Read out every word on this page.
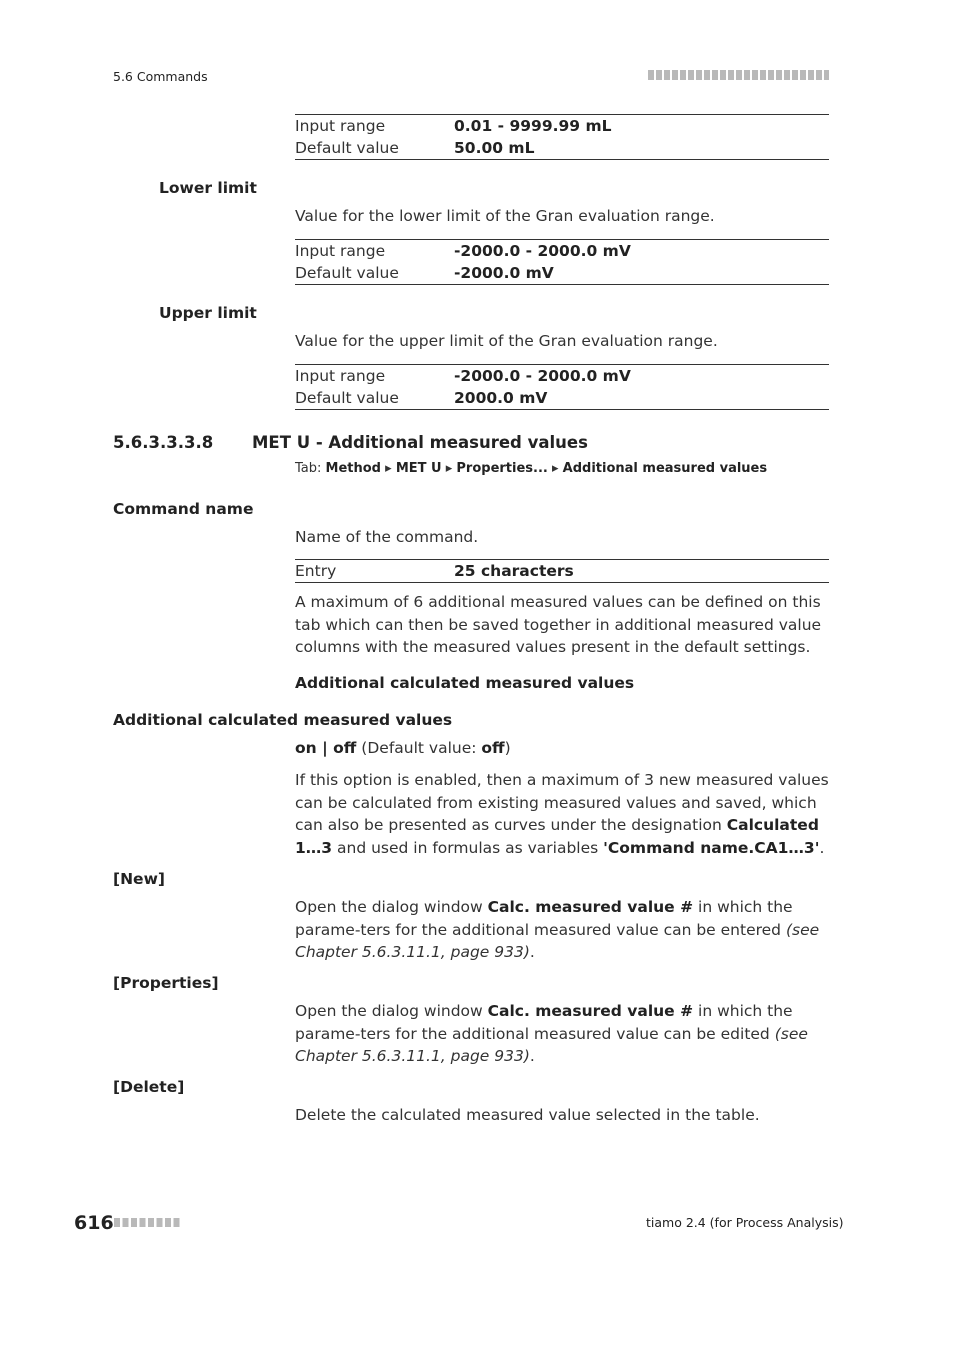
5.6 Commands
Input range	0.01 - 9999.99 mL
Default value	50.00 mL
Lower limit
Value for the lower limit of the Gran evaluation range.
Input range	-2000.0 - 2000.0 mV
Default value	-2000.0 mV
Upper limit
Value for the upper limit of the Gran evaluation range.
Input range	-2000.0 - 2000.0 mV
Default value	2000.0 mV
5.6.3.3.3.8 MET U - Additional measured values
Tab: Method ▸ MET U ▸ Properties... ▸ Additional measured values
Command name
Name of the command.
Entry	25 characters
A maximum of 6 additional measured values can be defined on this tab which can then be saved together in additional measured value columns with the measured values present in the default settings.
Additional calculated measured values
Additional calculated measured values
on | off (Default value: off)
If this option is enabled, then a maximum of 3 new measured values can be calculated from existing measured values and saved, which can also be presented as curves under the designation Calculated 1…3 and used in formulas as variables 'Command name.CA1…3'.
[New]
Open the dialog window Calc. measured value # in which the parame-ters for the additional measured value can be entered (see Chapter 5.6.3.11.1, page 933).
[Properties]
Open the dialog window Calc. measured value # in which the parame-ters for the additional measured value can be edited (see Chapter 5.6.3.11.1, page 933).
[Delete]
Delete the calculated measured value selected in the table.
616	tiamo 2.4 (for Process Analysis)
